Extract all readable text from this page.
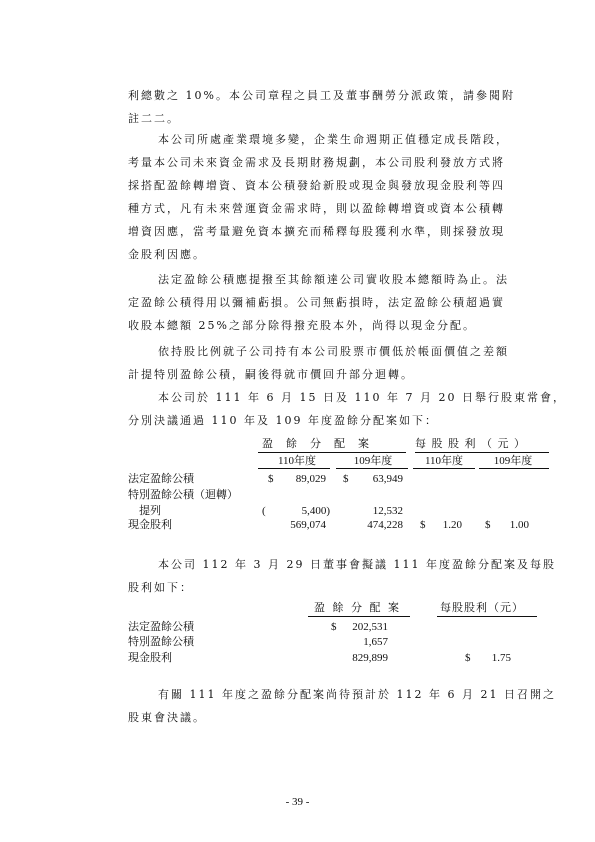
利總數之 10%。本公司章程之員工及董事酬勞分派政策，請參閱附
註二二。
本公司所處產業環境多變，企業生命週期正值穩定成長階段，
考量本公司未來資金需求及長期財務規劃，本公司股利發放方式將
採搭配盈餘轉增資、資本公積發給新股或現金與發放現金股利等四
種方式，凡有未來營運資金需求時，則以盈餘轉增資或資本公積轉
增資因應，當考量避免資本擴充而稀釋每股獲利水準，則採發放現
金股利因應。
法定盈餘公積應提撥至其餘額達公司實收股本總額時為止。法
定盈餘公積得用以彌補虧損。公司無虧損時，法定盈餘公積超過實
收股本總額 25%之部分除得撥充股本外，尚得以現金分配。
依持股比例就子公司持有本公司股票市價低於帳面價值之差額
計提特別盈餘公積，嗣後得就市價回升部分迴轉。
本公司於 111 年 6 月 15 日及 110 年 7 月 20 日舉行股東常會，
分別決議通過 110 年及 109 年度盈餘分配案如下：
盈　餘　分　配　案	每 股 股 利 （ 元 ）
110年度	109年度	110年度	109年度
法定盈餘公積	$	89,029 $	63,949
特別盈餘公積（迴轉）
　提列	(	5,400)	12,532
現金股利	569,074	474,228 $	1.20 $	1.00
本公司 112 年 3 月 29 日董事會擬議 111 年度盈餘分配案及每股
股利如下：
盈 餘 分 配 案	每股股利（元）
法定盈餘公積	$	202,531
特別盈餘公積	1,657
現金股利	829,899	$	1.75
有關 111 年度之盈餘分配案尚待預計於 112 年 6 月 21 日召開之
股東會決議。
- 39 -
